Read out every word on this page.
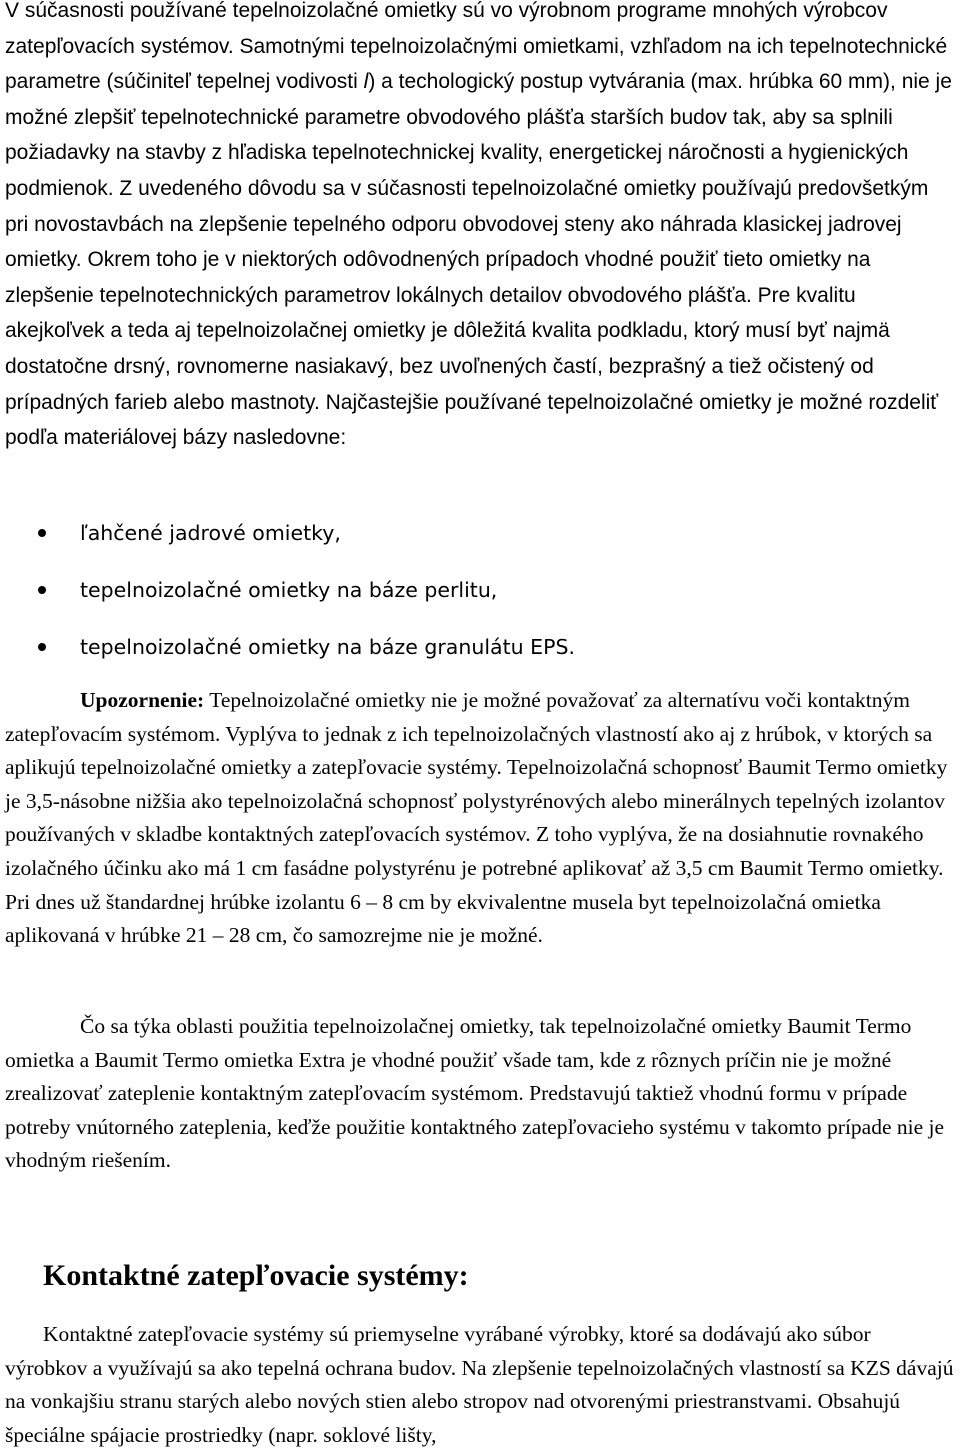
V súčasnosti používané tepelnoizolačné omietky sú vo výrobnom programe mnohých výrobcov zatepľovacích systémov. Samotnými tepelnoizolačnými omietkami, vzhľadom na ich tepelnotechnické parametre (súčiniteľ tepelnej vodivosti l) a techologický postup vytvárania (max. hrúbka 60 mm), nie je možné zlepšiť tepelnotechnické parametre obvodového plášťa starších budov tak, aby sa splnili požiadavky na stavby z hľadiska tepelnotechnickej kvality, energetickej náročnosti a hygienických podmienok. Z uvedeného dôvodu sa v súčasnosti tepelnoizolačné omietky používajú predovšetkým pri novostavbách na zlepšenie tepelného odporu obvodovej steny ako náhrada klasickej jadrovej omietky. Okrem toho je v niektorých odôvodnených prípadoch vhodné použiť tieto omietky na zlepšenie tepelnotechnických parametrov lokálnych detailov obvodového plášťa. Pre kvalitu akejkoľvek a teda aj tepelnoizolačnej omietky je dôležitá kvalita podkladu, ktorý musí byť najmä dostatočne drsný, rovnomerne nasiakavý, bez uvoľnených častí, bezprašný a tiež očistený od prípadných farieb alebo mastnoty. Najčastejšie používané tepelnoizolačné omietky je možné rozdeliť podľa materiálovej bázy nasledovne:

ľahčené jadrové omietky,
tepelnoizolačné omietky na báze perlitu,
tepelnoizolačné omietky na báze granulátu EPS.

Upozornenie: Tepelnoizolačné omietky nie je možné považovať za alternatívu voči kontaktným zatepľovacím systémom. Vyplýva to jednak z ich tepelnoizolačných vlastností ako aj z hrúbok, v ktorých sa aplikujú tepelnoizolačné omietky a zatepľovacie systémy. Tepelnoizolačná schopnosť Baumit Termo omietky je 3,5-násobne nižšia ako tepelnoizolačná schopnosť polystyrénových alebo minerálnych tepelných izolantov používaných v skladbe kontaktných zatepľovacích systémov. Z toho vyplýva, že na dosiahnutie rovnakého izolačného účinku ako má 1 cm fasádne polystyrénu je potrebné aplikovať až 3,5 cm Baumit Termo omietky. Pri dnes už štandardnej hrúbke izolantu 6 – 8 cm by ekvivalentne musela byt tepelnoizolačná omietka aplikovaná v hrúbke 21 – 28 cm, čo samozrejme nie je možné.

Čo sa týka oblasti použitia tepelnoizolačnej omietky, tak tepelnoizolačné omietky Baumit Termo omietka a Baumit Termo omietka Extra je vhodné použiť všade tam, kde z rôznych príčin nie je možné zrealizovať zateplenie kontaktným zatepľovacím systémom. Predstavujú taktiež vhodnú formu v prípade potreby vnútorného zateplenia, keďže použitie kontaktného zatepľovacieho systému v takomto prípade nie je vhodným riešením.

Kontaktné zatepľovacie systémy:

Kontaktné zatepľovacie systémy sú priemyselne vyrábané výrobky, ktoré sa dodávajú ako súbor výrobkov a využívajú sa ako tepelná ochrana budov. Na zlepšenie tepelnoizolačných vlastností sa KZS dávajú na vonkajšiu stranu starých alebo nových stien alebo stropov nad otvorenými priestranstvami. Obsahujú špeciálne spájacie prostriedky (napr. soklové lišty,
